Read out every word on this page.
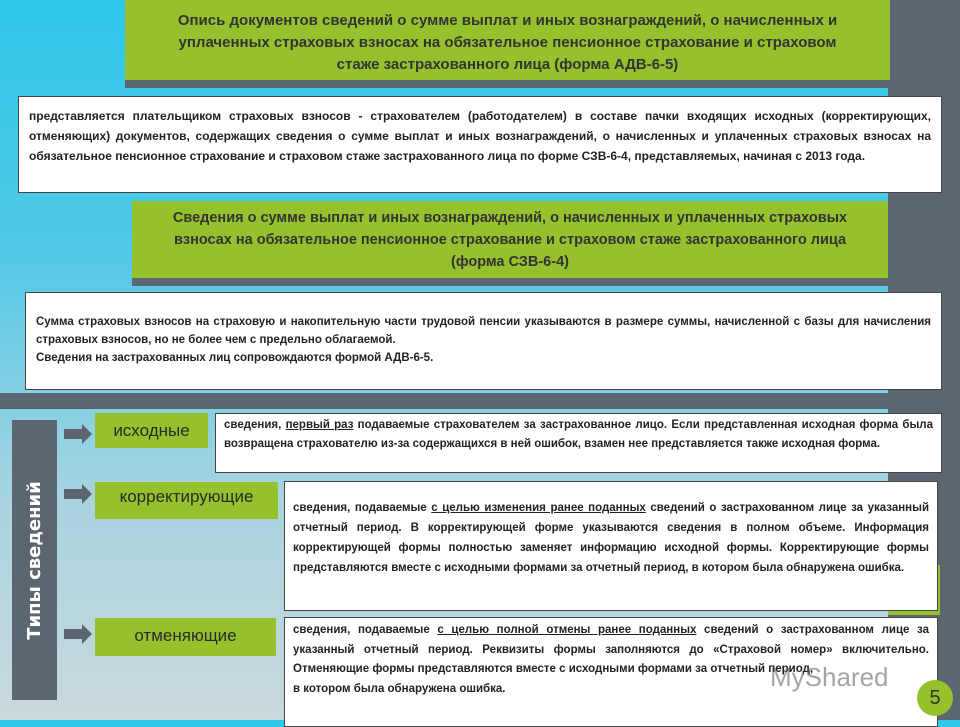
Опись документов сведений о сумме выплат и иных вознаграждений, о начисленных и уплаченных страховых взносах на обязательное пенсионное страхование и страховом стаже застрахованного лица (форма АДВ-6-5)
представляется плательщиком страховых взносов - страхователем (работодателем) в составе пачки входящих исходных (корректирующих, отменяющих) документов, содержащих сведения о сумме выплат и иных вознаграждений, о начисленных и уплаченных страховых взносах на обязательное пенсионное страхование и страховом стаже застрахованного лица по форме СЗВ-6-4, представляемых, начиная с 2013 года.
Сведения о сумме выплат и иных вознаграждений, о начисленных и уплаченных страховых взносах на обязательное пенсионное страхование и страховом стаже застрахованного лица (форма СЗВ-6-4)
Сумма страховых взносов на страховую и накопительную части трудовой пенсии указываются в размере суммы, начисленной с базы для начисления страховых взносов, но не более чем с предельно облагаемой.
Сведения на застрахованных лиц сопровождаются формой АДВ-6-5.
Типы сведений
исходные
корректирующие
отменяющие
сведения, первый раз подаваемые страхователем за застрахованное лицо. Если представленная исходная форма была возвращена страхователю из-за содержащихся в ней ошибок, взамен нее представляется также исходная форма.
сведения, подаваемые с целью изменения ранее поданных сведений о застрахованном лице за указанный отчетный период. В корректирующей форме указываются сведения в полном объеме. Информация корректирующей формы полностью заменяет информацию исходной формы. Корректирующие формы представляются вместе с исходными формами за отчетный период, в котором была обнаружена ошибка.
сведения, подаваемые с целью полной отмены ранее поданных сведений о застрахованном лице за указанный отчетный период. Реквизиты формы заполняются до «Страховой номер» включительно. Отменяющие формы представляются вместе с исходными формами за отчетный период,
в котором была обнаружена ошибка.	MyShared
5
